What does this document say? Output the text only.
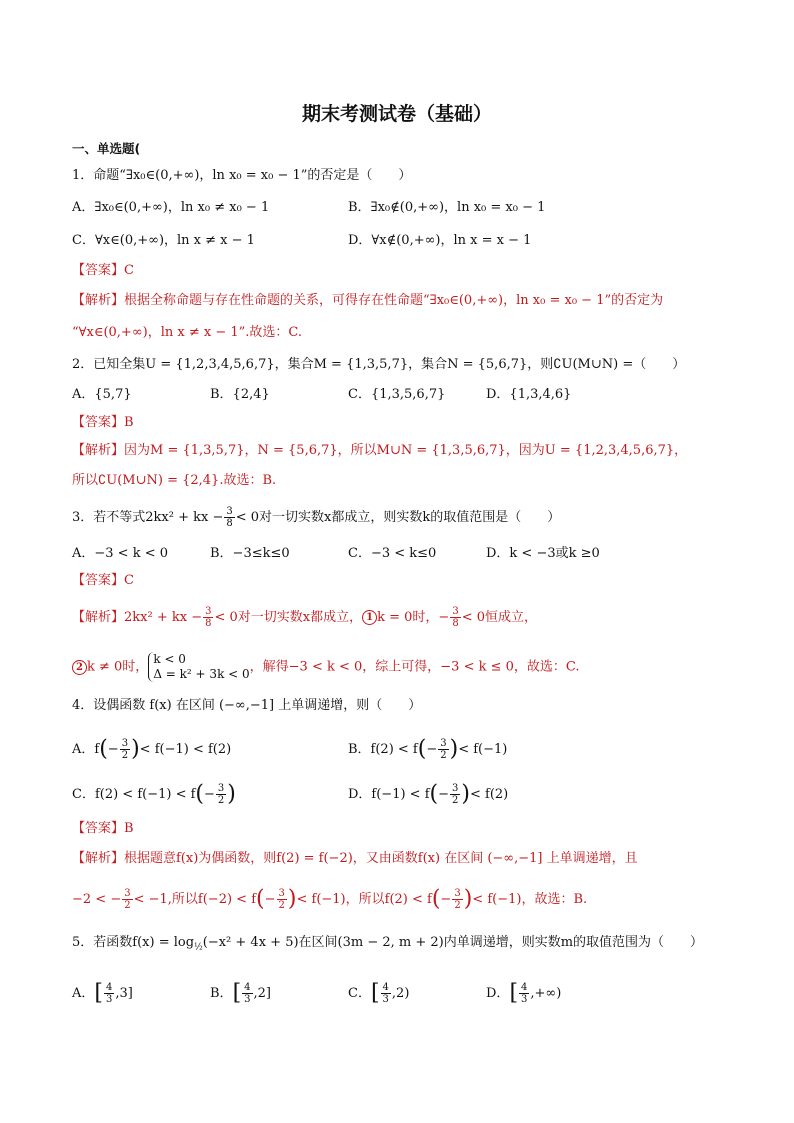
期末考测试卷（基础）
一、单选题(
1．命题“∃x₀∈(0,+∞)，ln x₀ = x₀ − 1”的否定是（　　）
A．∃x₀∈(0,+∞)，ln x₀ ≠ x₀ − 1	B．∃x₀∉(0,+∞)，ln x₀ = x₀ − 1
C．∀x∈(0,+∞)，ln x ≠ x − 1	D．∀x∉(0,+∞)，ln x = x − 1
【答案】C
【解析】根据全称命题与存在性命题的关系，可得存在性命题“∃x₀∈(0,+∞)，ln x₀ = x₀ − 1”的否定为
“∀x∈(0,+∞)，ln x ≠ x − 1”.故选：C.
2．已知全集U = {1,2,3,4,5,6,7}，集合M = {1,3,5,7}，集合N = {5,6,7}，则∁U(M∪N) =（　　）
A．{5,7}	B．{2,4}	C．{1,3,5,6,7}	D．{1,3,4,6}
【答案】B
【解析】因为M = {1,3,5,7}，N = {5,6,7}，所以M∪N = {1,3,5,6,7}，因为U = {1,2,3,4,5,6,7}，
所以∁U(M∪N) = {2,4}.故选：B.
3．若不等式2kx² + kx − $\frac{3}{8} < 0$对一切实数x都成立，则实数k的取值范围是（　　）
A．−3 < k < 0	B．−3≤k≤0	C．−3 < k≤0	D．k < −3或k ≥0
【答案】C
【解析】2kx² + kx − $\frac{3}{8} < 0$对一切实数x都成立， 1 k = 0时，− $\frac{3}{8} < 0$恒成立，
2 k ≠ 0时，
k < 0
Δ = k² + 3k < 0 ，解得−3 < k < 0，综上可得，−3 < k ≤ 0，故选：C.
4．设偶函数 f(x) 在区间 (−∞,−1] 上单调递增，则（　　）
A．$f(- \frac{3}{2}$ )< f(−1) < f(2)	B．$f(2) < f(- \frac{3}{2}$ )< f(−1)
C．$f(2) < f(-1) < f(- \frac{3}{2}$ )	D．$f(-1) < f(- \frac{3}{2}$ )< f(2)
【答案】B
【解析】根据题意f(x)为偶函数，则f(2) = f(−2)，又由函数f(x) 在区间 (−∞,−1] 上单调递增，且
−2 < − $\frac{3}{2} < -1$,所以$f(-2) < f(- \frac{3}{2}$ )< f(−1)，所以$f(2) < f(- \frac{3}{2}$ )< f(−1)，故选：B.
5．若函数$f(x) = \log_{\frac{1}{2}}(-x^2 + 4x + 5)$在区间(3m − 2, m + 2)内单调递增，则实数m的取值范围为（　　）
A．[ $\frac{4}{3} ,3$]	B．[ $\frac{4}{3} ,2$]	C．[ $\frac{4}{3} ,2$)	D．[ $\frac{4}{3}$ ,+∞)
